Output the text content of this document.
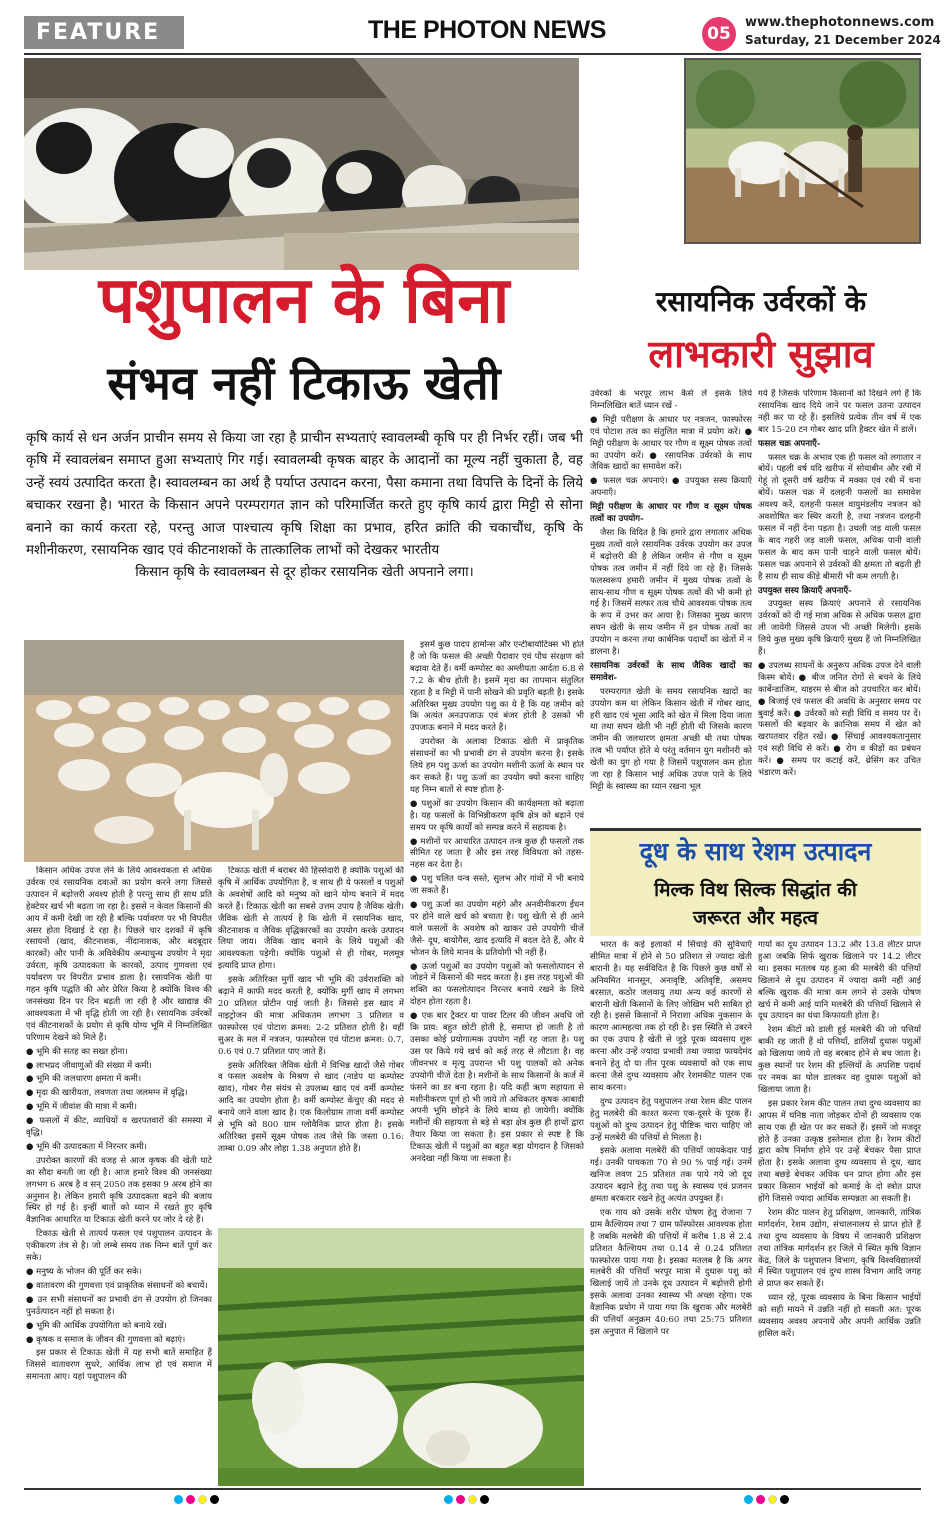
FEATURE	THE PHOTON NEWS	05
www.thephotonnews.com
Saturday, 21 December 2024
पशुपालन के बिना
संभव नहीं टिकाऊ खेती
रसायनिक उर्वरकों के
लाभकारी सुझाव

कृषि कार्य से धन अर्जन प्राचीन समय से किया जा रहा है प्राचीन सभ्यताएं स्वावलम्बी कृषि पर ही निर्भर रहीं। जब भी कृषि में स्वावलंबन समाप्त हुआ सभ्यताएं गिर गई। स्वावलम्बी कृषक बाहर के आदानों का मूल्य नहीं चुकाता है, वह उन्हें स्वयं उत्पादित करता है। स्वावलम्बन का अर्थ है पर्याप्त उत्पादन करना, पैसा कमाना तथा विपत्ति के दिनों के लिये बचाकर रखना है। भारत के किसान अपने परम्परागत ज्ञान को परिमार्जित करते हुए कृषि कार्य द्वारा मिट्टी से सोना बनाने का कार्य करता रहे, परन्तु आज पाश्चात्य कृषि शिक्षा का प्रभाव, हरित क्रांति की चकाचौंध, कृषि के मशीनीकरण, रसायनिक खाद एवं कीटनाशकों के तात्कालिक लाभों को देखकर भारतीय

किसान कृषि के स्वावलम्बन से दूर होकर रसायनिक खेती अपनाने लगा।

किसान अधिक उपज लेने के लिये आवश्यकता से अधिक उर्वरक एवं रसायनिक दवाओं का प्रयोग करने लगा जिससे उत्पादन में बढ़ोत्तरी अवश्य होती है परन्तु साथ ही साथ प्रति हेक्टेयर खर्च भी बढ़ता जा रहा है। इससे न केवल किसानों की आय में कमी देखी जा रही है बल्कि पर्यावरण पर भी विपरीत असर होता दिखाई दे रहा है। पिछले चार दशकों में कृषि रसायनों (खाद, कीटनाशक, नींदानाशक, और बदबूदार कारकों) और पानी के अविवेकीय अन्धाधुन्ध उपयोग ने मृदा उर्वरता, कृषि उत्पादकता के कारकों, उत्पाद गुणवत्ता एवं पर्यावरण पर विपरीत प्रभाव डाला है। रसायनिक खेती या गहन कृषि पद्धति की ओर प्रेरित किया है क्योंकि विश्व की जनसंख्या दिन पर दिन बढ़ती जा रही है और खाद्यान्न की आवश्यकता में भी वृद्धि होती जा रही है। रसायनिक उर्वरकों एवं कीटनाशकों के प्रयोग से कृषि योग्य भूमि में निम्नलिखित परिणाम देखने को मिले हैं।

● भूमि की सतह का सख्त होना।

● लाभप्रद जीवाणुओं की संख्या में कमी।

● भूमि की जलधारण क्षमता में कमी।

● मृदा की खारीयता, लवणता तथा जलमग्न में वृद्धि।

● भूमि में जीवांश की मात्रा में कमी।

● फसलों में कीट, व्याधियों व खरपतवारों की समस्या में वृद्धि।

● भूमि की उत्पादकता में निरन्तर कमी।

उपरोक्त कारणों की वजह से आज कृषक की खेती घाटे का सौदा बनती जा रही है। आज हमारे विश्व की जनसंख्या लगभग 6 अरब है व सन् 2050 तक इसका 9 अरब होने का अनुमान है। लेकिन हमारी कृषि उत्पादकता बढ़ने की बजाय स्थिर हो गई है। इन्हीं बातों को ध्यान में रखते हुए कृषि वैज्ञानिक आधारित या टिकाऊ खेती करने पर जोर दे रहे हैं।

टिकाऊ खेती से तात्पर्य फसल एवं पशुपालन उत्पादन के एकीकरण तंत्र से है। जो लम्बे समय तक निम्न बातें पूर्ण कर सके।

● मनुष्य के भोजन की पूर्ति कर सके।

● वातावरण की गुणवत्ता एवं प्राकृतिक संसाधनों को बचायें।

● उन सभी संसाधनों का प्रभावी ढंग से उपयोग हो जिनका पुनर्उत्पादन नहीं हो सकता है।

● भूमि की आर्थिक उपयोगिता को बनाये रखें।

● कृषक व समाज के जीवन की गुणवत्ता को बढ़ाएं।

इस प्रकार से टिकाऊ खेती में यह सभी बातें समाहित हैं जिससे वातावरण सुधरे, आर्थिक लाभ हो एवं समाज में समानता आए। यहां पशुपालन की

टिकाऊ खेती में बराबर की हिस्सेदारी है क्योंकि पशुओं की कृषि में आर्थिक उपयोगिता है, व साथ ही ये फसलों व पशुओं के अवशेषों आदि को मनुष्य को खाने योग्य बनाने में मदद करते हैं। टिकाऊ खेती का सबसे उत्तम उपाय है जैविक खेती। जैविक खेती से तात्पर्य है कि खेती में रसायनिक खाद, कीटनाशक व जैविक वृद्धिकारकों का उपयोग करके उत्पादन लिया जाय। जैविक खाद बनाने के लिये पशुओं की आवश्यकता पड़ेगी। क्योंकि पशुओं से ही गोबर, मलमूत्र इत्यादि प्राप्त होगा।

इसके अतिरिक्त मुर्गी खाद भी भूमि की उर्वराशक्ति को बढ़ाने में काफी मदद करती है, क्योंकि मुर्गी खाद में लगभग 20 प्रतिशत प्रोटीन पाई जाती है। जिससे इस खाद में नाइट्रोजन की मात्रा अधिकतम लगभग 3 प्रतिशत व फास्फोरस एवं पोटाश क्रमश: 2-2 प्रतिशत होती है। वहीं सुअर के मल में नत्रजन, फास्फोरस एवं पोटाश क्रमश: 0.7, 0.6 एवं 0.7 प्रतिशत पाए जाते हैं।

इसके अतिरिक्त जैविक खेती में विभिन्न खादों जैसे गोबर व फसल अवशेष के मिश्रण से खाद (नाडेप या कम्पोस्ट खाद), गोबर गैस संयंत्र से उपलब्ध खाद एवं वर्मी कम्पोस्ट आदि का उपयोग होता है। वर्मी कम्पोस्ट केंचुए की मदद से बनाये जाने वाला खाद है। एक किलोग्राम ताजा वर्मी कम्पोस्ट से भूमि को 800 ग्राम ग्लोवैनिक प्राप्त होता है। इसके अतिरिक्त इसमें सूक्ष्म पोषक तत्व जैसे कि जस्ता 0.16: ताम्बा 0.09 और लोहा 1.38 अनुपात होते हैं।

इसमें कुछ पादप हार्मोन्स और एन्टीबायोटिक्स भी होते हैं जो कि फसल की अच्छी पैदावार एवं पौध संरक्षण को बढ़ावा देते हैं। वर्मी कम्पोस्ट का अम्लीयता आर्दता 6.8 से 7.2 के बीच होती है। इसमें मृदा का तापमान संतुलित रहता है व मिट्टी में पानी सोखने की प्रवृति बढ़ती है। इसके अतिरिक्त मुख्य उपयोग पशु का ये है कि यह जमीन को कि अत्यंत अनउपजाऊ एवं बंजर होती है उसको भी उपजाऊ बनाने में मदद करते हैं।

उपरोक्त के अलावा टिकाऊ खेती में प्राकृतिक संसाधनों का भी प्रभावी ढंग से उपयोग करना है। इसके लिये हम पशु ऊर्जा का उपयोग मशीनी ऊर्जा के स्थान पर कर सकते हैं। पशु ऊर्जा का उपयोग क्यों करना चाहिए यह निम्न बातों से स्पष्ट होता है-

● पशुओं का उपयोग किसान की कार्यक्षमता को बढ़ाता है। यह फसलों के विभिन्नीकरण कृषि क्षेत्र को बढ़ाने एवं समय पर कृषि कार्यों को सम्पन्न करने में सहायक है।

● मशीनों पर आधारित उत्पादन तन्त्र कुछ ही फसलों तक सीमित रह जाता है और इस तरह विविधता को तहस-नहस कर देता है।

● पशु चलित यन्त्र सस्ते, सुलभ और गांवों में भी बनाये जा सकते हैं।

● पशु ऊर्जा का उपयोग महंगे और अनवीनीकरण ईंधन पर होने वाले खर्च को बचाता है। पशु खेती से ही आने वाले फसलों के अवशेष को खाकर उसे उपयोगी चीजें जैसे- दूध, बायोगैस, खाद इत्यादि में बदल देते हैं, और ये भोजन के लिये मानव के प्रतियोगी भी नहीं हैं।

● ऊर्जा पशुओं का उपयोग पशुओं को फसलोत्पादन से जोड़ने में किसानों की मदद करता है। इस तरह पशुओं की शक्ति का फसलोत्पादन निरन्तर बनाये रखने के लिये दोहन होता रहता है।

● एक बार ट्रैक्टर या पावर टिलर की जीवन अवधि जो कि प्राय: बहुत छोटी होती है, समाप्त हो जाती है तो उसका कोई प्रयोगात्मक उपयोग नहीं रह जाता है। पशु उस पर किये गये खर्च को कई तरह से लौटाता है। वह जीवनभर व मृत्यु उपरान्त भी पशु पालकों को अनेक उपयोगी चीजें देता है। मशीनों के साथ किसानों के कर्ज में फंसने का डर बना रहता है। यदि कहीं ऋण सहायता से मशीनीकरण पूर्ण हो भी जाये तो अधिकतर कृषक आबादी अपनी भूमि छोड़ने के लिये बाध्य हो जायेगी। क्योंकि मशीनों की सहायता से बड़े से बड़ा क्षेत्र कुछ ही हाथों द्वारा तैयार किया जा सकता है। इस प्रकार से स्पष्ट है कि टिकाऊ खेती में पशुओं का बहुत बड़ा योगदान है जिसको अनदेखा नहीं किया जा सकता है।

उर्वरकों के भरपूर लाभ कैसे लें इसके लिये निम्नलिखित बातें ध्यान रखें -

● मिट्टी परीक्षण के आधार पर नत्रजन, फास्फोरस एवं पोटाश तत्व का संतुलित मात्रा में प्रयोग करें। ● मिट्टी परीक्षण के आधार पर गौण व सूक्ष्म पोषक तत्वों का उपयोग करें। ● रसायनिक उर्वरकों के साथ जैविक खादों का समावेश करें।

● फसल चक्र अपनाएं। ● उपयुक्त सस्य क्रियाएँ अपनाएँ।

मिट्टी परीक्षण के आधार पर गौण व सूक्ष्म पोषक तत्वों का उपयोग-

जैसा कि विदित है कि हमारे द्वारा लगातार अधिक मुख्य तत्वों वाले रसायनिक उर्वरक उपयोग कर उपज में बढ़ोत्तरी की है लेकिन जमीन से गौण व सूक्ष्म पोषक तत्व जमीन में नहीं दिये जा रहे हैं। जिसके फलस्वरूप हमारी जमीन में मुख्य पोषक तत्वों के साथ-साथ गौण व सूक्ष्म पोषक तत्वों की भी कमी हो गई है। जिसमें सल्फर तत्व चौथे आवश्यक पोषक तत्व के रूप में उभर कर आया है। जिसका मुख्य कारण सघन खेती के साथ जमीन में इन पोषक तत्वों का उपयोग न करना तथा कार्बनिक पदार्थों का खेतों में न डालना है।

रसायनिक उर्वरकों के साथ जैविक खादों का समावेश-

परम्परागत खेती के समय रसायनिक खादों का उपयोग कम था लेकिन किसान खेती में गोबर खाद, हरी खाद एवं भूसा आदि को खेत में मिला दिया जाता था तथा सघन खेती भी नहीं होती थी जिसके कारण जमीन की जलधारण क्षमता अच्छी थी तथा पोषक तत्व भी पर्याप्त होते थे परंतु वर्तमान युग मशीनरी को खेती का युग हो गया है जिसमें पशुपालन कम होता जा रहा है किसान भाई अधिक उपज पाने के लिये मिट्टी के स्वास्थ्य का ध्यान रखना भूल

गये हैं जिसके परिणाम किसानों को दिखने लगे हैं कि रसायनिक खाद दिये जाने पर फसल उतना उत्पादन नहीं कर पा रहे हैं। इसलिये प्रत्येक तीन वर्ष में एक बार 15-20 टन गोबर खाद प्रति हैक्टर खेत में डालें।

फसल चक्र अपनाएँ-

फसल चक्र के अभाव एक ही फसल को लगातार न बोयें। पहली वर्ष यदि खरीफ में सोयाबीन और रबी में गेहूं तो दूसरी वर्ष खरीफ में मक्का एवं रबी में चना बोयें। फसल चक्र में दलहनी फसलों का समावेश अवश्य करें, दलहनी फसल वायुमंडलीय नत्रजन को अवशोषित कर स्थिर करती है, तथा नत्रजन दलहनी फसल में नहीं देना पड़ता है। उथली जड़ वाली फसल के बाद गहरी जड़ वाली फसल, अधिक पानी वाली फसल के बाद कम पानी चाहने वाली फसल बोयें। फसल चक्र अपनाने से उर्वरकों की क्षमता तो बढ़ती ही है साथ ही साथ कीड़े बीमारी भी कम लगती है।

उपयुक्त सस्य क्रियाएँ अपनाएँ-

उपयुक्त सस्य क्रियाएं अपनाने से रसायनिक उर्वरकों को दी गई मात्रा अधिक से अधिक फसल द्वारा ली जायेगी जिससे उपज भी अच्छी मिलेगी। इसके लिये कुछ मुख्य कृषि क्रियाएँ मुख्य हैं जो निम्नलिखित हैं।

● उपलब्ध साधनों के अनुरूप अधिक उपज देने वाली किस्म बोयें। ● बीज जनित रोगों से बचने के लिये कार्बेन्डाजिम, थाइरम से बीज को उपचारित कर बोयें। ● बिजाई एवं फसल की अवधि के अनुसार समय पर बुवाई करें। ● उर्वरकों को सही विधि व समय पर दें। फसलों की बढ़वार के क्रान्तिक समय में खेत को खरपतवार रहित रखें। ● सिंचाई आवश्यकतानुसार एवं सही विधि से करें। ● रोग व कीड़ों का प्रबंधन करें। ● समय पर कटाई करें, थ्रेसिंग कर उचित भंडारण करें।

दूध के साथ रेशम उत्पादन
मिल्क विथ सिल्क सिद्धांत की
जरूरत और महत्व

भारत के कई इलाकों में सिंचाई की सुविधाएँ सीमित मात्रा में होने से 50 प्रतिशत से ज्यादा खेती बारानी है। यह सर्वविदित है कि पिछले कुछ वर्षों से अनियमित मानसून, अनावृष्टि, अतिवृष्टि, असमय बरसात, कठोर जलवायु तथा अन्य कई कारणों से बारानी खेती किसानों के लिए जोखिम भरी साबित हो रही है। इससे किसानों में निराशा अधिक नुकसान के कारण आत्महत्या तक हो रही है। इस स्थिति से उबरने का एक उपाय है खेती से जुड़े पूरक व्यवसाय शुरू करना और उन्हें ज्यादा प्रभावी तथा ज्यादा फायदेमंद बनाने हेतु दो या तीन पूरक व्यवसायों को एक साथ करना जैसे दुग्ध व्यवसाय और रेशमकीट पालन एक साथ करना।

दुग्ध उत्पादन हेतु पशुपालन तथा रेशम कीट पालन हेतु मलबेरी की काश्त करना एक-दूसरे के पूरक हैं। पशुओं को दुग्ध उत्पादन हेतु पौष्टिक चारा चाहिए जो उन्हें मलबेरी की पत्तियों से मिलता है।

इसके अलावा मलबेरी की पत्तियाँ जायकेदार पाई गई। उनकी पाचकता 70 से 90 % पाई गई। उनमें खनिज लवण 25 प्रतिशत तक पाये गये जो दूध उत्पादन बढ़ाने हेतु तथा पशु के स्वास्थ्य एवं प्रजनन क्षमता बरकरार रखने हेतु अत्यंत उपयुक्त हैं।

एक गाय को उसके शरीर पोषण हेतु रोजाना 7 ग्राम कैल्शियम तथा 7 ग्राम फॉस्फोरस आवश्यक होता है जबकि मलबेरी की पत्तियों में करीब 1.8 से 2.4 प्रतिशत कैल्शियम तथा 0.14 से 0.24 प्रतिशत फास्फोरस पाया गया है। इसका मतलब है कि अगर मलबेरी की पत्तियाँ भरपूर मात्रा में दुधारू पशु को खिलाई जायें तो उनके दूध उत्पादन में बढ़ोत्तरी होगी इसके अलावा उनका स्वास्थ्य भी अच्छा रहेगा। एक वैज्ञानिक प्रयोग में पाया गया कि खुराक और मलबेरी की पत्तियाँ अनुक्रम 40:60 तथा 25:75 प्रतिशत इस अनुपात में खिलाने पर

गायों का दूध उत्पादन 13.2 और 13.8 लीटर प्राप्त हुआ जबकि सिर्फ खुराक खिलाने पर 14.2 लीटर था। इसका मतलब यह हुआ की मलबेरी की पत्तियाँ खिलाने से दूध उत्पादन में ज्यादा कमी नहीं आई बल्कि खुराक की मात्रा कम लगने से उसके पोषण खर्च में कमी आई यानि मलबेरी की पत्तियाँ खिलाने से दूध उत्पादन का धंधा किफायती होता है।

रेशम कीटों को डाली हुई मलबेरी की जो पत्तियाँ बाकी रह जाती हैं वो पत्तियाँ, डालियाँ दुधारू पशुओं को खिलाया जाये तो वह बरबाद होने से बच जाता है। कुछ स्थानों पर रेशम की इल्लियों के अपशिष्ट पदार्थ पर नमक का घोल डालकर वह दुधारू पशुओं को खिलाया जाता है।

इस प्रकार रेशम कीट पालन तथा दुग्ध व्यवसाय का आपस में घनिष्ठ नाता जोड़कर दोनों ही व्यवसाय एक साथ एक ही खेत पर कर सकते हैं। इसमें जो मजदूर होते हैं उनका उत्कृष्ठ इस्तेमाल होता है। रेशम कीटों द्वारा कोष निर्माण होने पर उन्हें बेचकर पैसा प्राप्त होता है। इसके अलावा दुग्ध व्यवसाय से दूध, खाद तथा बछड़े बेचकर अधिक धन प्राप्त होगा और इस प्रकार किसान भाईयों को कमाई के दो स्त्रोत प्राप्त होंगे जिससे ज्यादा आर्थिक सम्पन्नता आ सकती है।

रेशम कीट पालन हेतु प्रशिक्षण, जानकारी, तांत्रिक मार्गदर्शन, रेशम उद्योग, संचालनालय से प्राप्त होते हैं तथा दुग्ध व्यवसाय के विषय में जानकारी प्रशिक्षण तथा तांत्रिक मार्गदर्शन हर जिले में स्थित कृषि विज्ञान केंद्र, जिले के पशुपालन विभाग, कृषि विश्वविद्यालयों में स्थित पशुपालन एवं दुग्ध शास्त्र विभाग आदि जगह से प्राप्त कर सकते हैं।

ध्यान रहे, पूरक व्यवसाय के बिना किसान भाईयों को सही मायने में उन्नति नहीं हो सकती अत: पूरक व्यवसाय अवश्य अपनायें और अपनी आर्थिक उन्नति हासिल करें।
